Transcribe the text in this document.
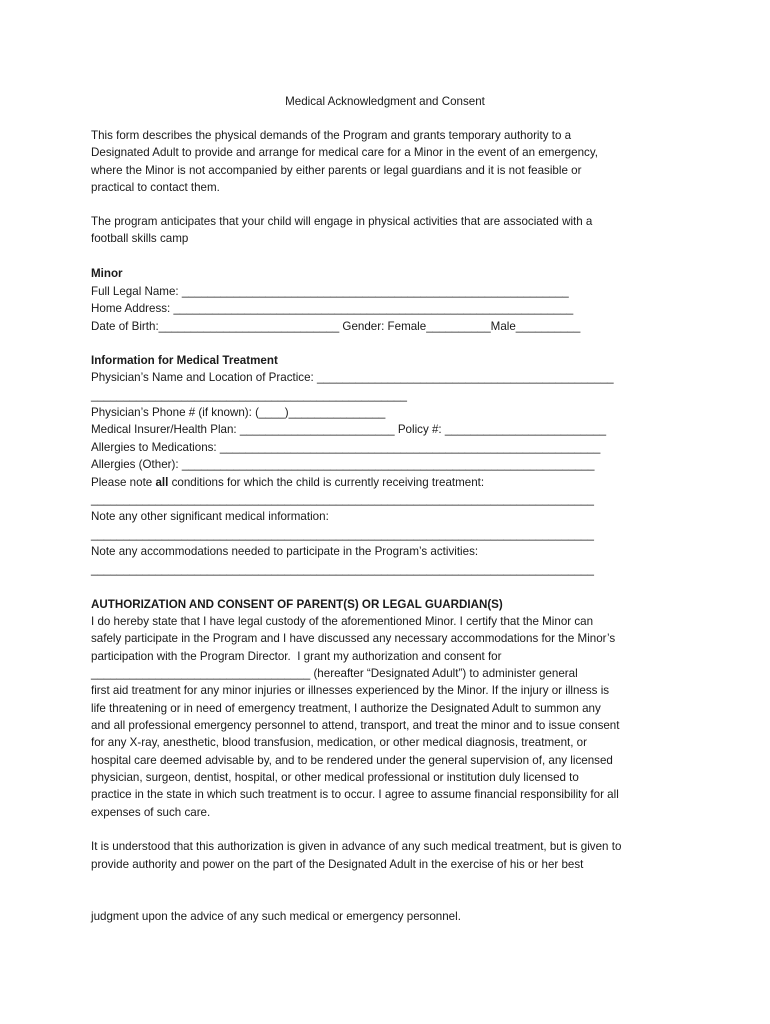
Medical Acknowledgment and Consent
This form describes the physical demands of the Program and grants temporary authority to a
Designated Adult to provide and arrange for medical care for a Minor in the event of an emergency,
where the Minor is not accompanied by either parents or legal guardians and it is not feasible or
practical to contact them.
The program anticipates that your child will engage in physical activities that are associated with a
football skills camp
Minor
Full Legal Name: ____________________________________________________________
Home Address: ______________________________________________________________
Date of Birth:____________________________ Gender: Female__________Male__________
Information for Medical Treatment
Physician’s Name and Location of Practice: ______________________________________________
_________________________________________________
Physician’s Phone # (if known): (____)_______________
Medical Insurer/Health Plan: ________________________ Policy #: _________________________
Allergies to Medications: ___________________________________________________________
Allergies (Other): ________________________________________________________________
Please note all conditions for which the child is currently receiving treatment:
______________________________________________________________________________
Note any other significant medical information:
______________________________________________________________________________
Note any accommodations needed to participate in the Program’s activities:
______________________________________________________________________________
AUTHORIZATION AND CONSENT OF PARENT(S) OR LEGAL GUARDIAN(S)
I do hereby state that I have legal custody of the aforementioned Minor. I certify that the Minor can
safely participate in the Program and I have discussed any necessary accommodations for the Minor’s
participation with the Program Director.  I grant my authorization and consent for
__________________________________ (hereafter “Designated Adult”) to administer general
first aid treatment for any minor injuries or illnesses experienced by the Minor. If the injury or illness is
life threatening or in need of emergency treatment, I authorize the Designated Adult to summon any
and all professional emergency personnel to attend, transport, and treat the minor and to issue consent
for any X-ray, anesthetic, blood transfusion, medication, or other medical diagnosis, treatment, or
hospital care deemed advisable by, and to be rendered under the general supervision of, any licensed
physician, surgeon, dentist, hospital, or other medical professional or institution duly licensed to
practice in the state in which such treatment is to occur. I agree to assume financial responsibility for all
expenses of such care.
It is understood that this authorization is given in advance of any such medical treatment, but is given to
provide authority and power on the part of the Designated Adult in the exercise of his or her best
judgment upon the advice of any such medical or emergency personnel.
